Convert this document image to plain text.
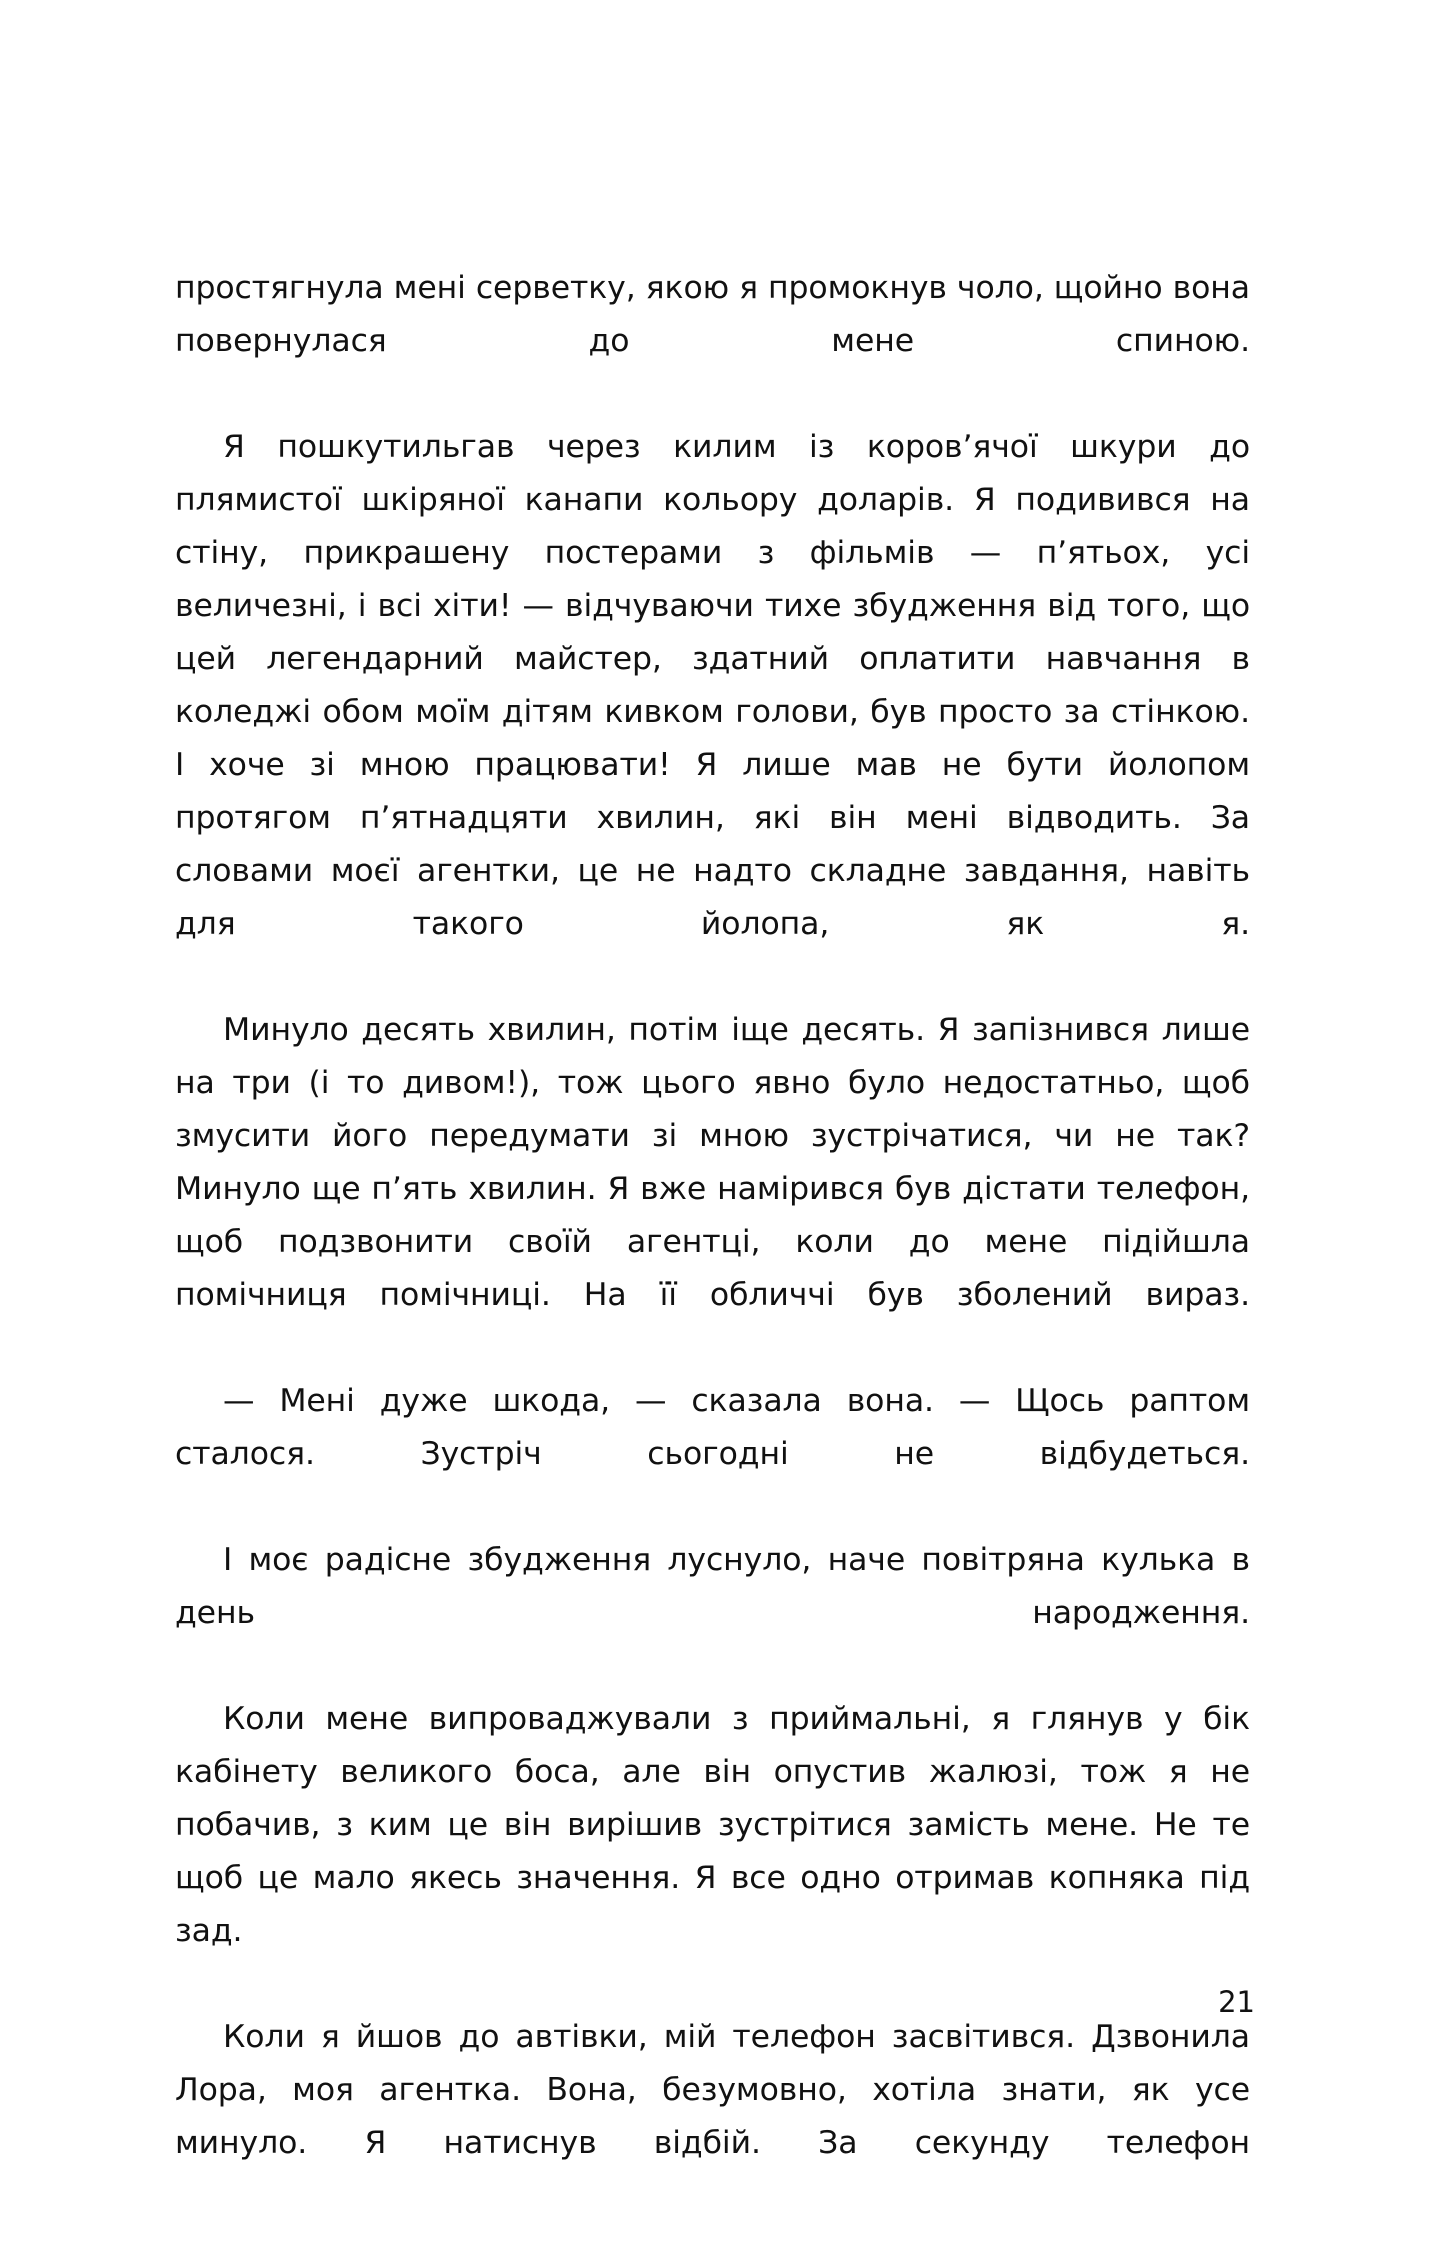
простягнула мені серветку, якою я промокнув чоло, щойно вона повернулася до мене спиною.

Я пошкутильгав через килим із коров’ячої шкури до плямистої шкіряної канапи кольору доларів. Я подивився на стіну, прикрашену постерами з фільмів — п’ятьох, усі величезні, і всі хіти! — відчуваючи тихе збудження від того, що цей легендарний майстер, здатний оплатити навчання в коледжі обом моїм дітям кивком голови, був просто за стінкою. І хоче зі мною працювати! Я лише мав не бути йолопом протягом п’ятнадцяти хвилин, які він мені відводить. За словами моєї агентки, це не надто складне завдання, навіть для такого йолопа, як я.

Минуло десять хвилин, потім іще десять. Я запізнився лише на три (і то дивом!), тож цього явно було недостатньо, щоб змусити його передумати зі мною зустрічатися, чи не так? Минуло ще п’ять хвилин. Я вже намірився був дістати телефон, щоб подзвонити своїй агентці, коли до мене підійшла помічниця помічниці. На її обличчі був зболений вираз.

— Мені дуже шкода, — сказала вона. — Щось раптом сталося. Зустріч сьогодні не відбудеться.

І моє радісне збудження луснуло, наче повітряна кулька в день народження.

Коли мене випроваджували з приймальні, я глянув у бік кабінету великого боса, але він опустив жалюзі, тож я не побачив, з ким це він вирішив зустрітися замість мене. Не те щоб це мало якесь значення. Я все одно отримав копняка під зад.

Коли я йшов до автівки, мій телефон засвітився. Дзвонила Лора, моя агентка. Вона, безумовно, хотіла знати, як усе минуло. Я натиснув відбій. За секунду телефон

21
